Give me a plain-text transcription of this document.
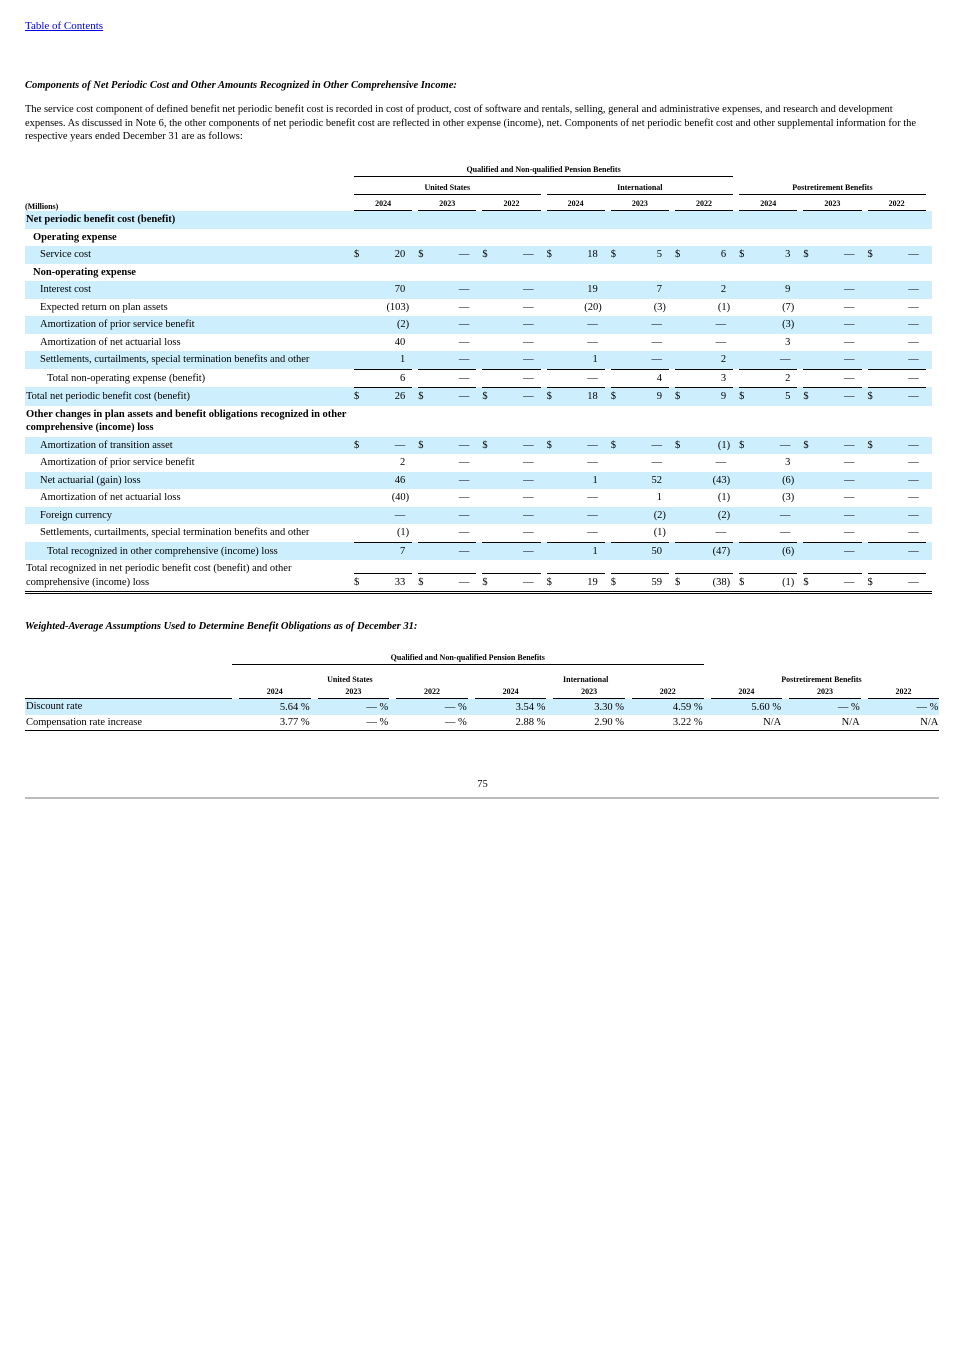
Table of Contents
Components of Net Periodic Cost and Other Amounts Recognized in Other Comprehensive Income:
The service cost component of defined benefit net periodic benefit cost is recorded in cost of product, cost of software and rentals, selling, general and administrative expenses, and research and development expenses. As discussed in Note 6, the other components of net periodic benefit cost are reflected in other expense (income), net. Components of net periodic benefit cost and other supplemental information for the respective years ended December 31 are as follows:
Qualified and Non-qualified Pension Benefits
United States	International	Postretirement Benefits
(Millions)	2024	2023	2022	2024	2023	2022	2024	2023	2022
Net periodic benefit cost (benefit)
Operating expense
Service cost	$	20	$	—	$	—	$	18	$	5	$	6	$	3	$	—	$	—
Non-operating expense
Interest cost	70	—	—	19	7	2	9	—	—
Expected return on plan assets	(103)	—	—	(20)	(3)	(1)	(7)	—	—
Amortization of prior service benefit	(2)	—	—	—	—	—	(3)	—	—
Amortization of net actuarial loss	40	—	—	—	—	—	3	—	—
Settlements, curtailments, special termination benefits and other	1	—	—	1	—	2	—	—	—
Total non-operating expense (benefit)	6	—	—	—	4	3	2	—	—
Total net periodic benefit cost (benefit)	$	26	$	—	$	—	$	18	$	9	$	9	$	5	$	—	$	—
Other changes in plan assets and benefit obligations recognized in other comprehensive (income) loss
Amortization of transition asset	$	—	$	—	$	—	$	—	$	—	$	(1) $	—	$	—	$	—
Amortization of prior service benefit	2	—	—	—	—	—	3	—	—
Net actuarial (gain) loss	46	—	—	1	52	(43)	(6)	—	—
Amortization of net actuarial loss	(40)	—	—	—	1	(1)	(3)	—	—
Foreign currency	—	—	—	—	(2)	(2)	—	—	—
Settlements, curtailments, special termination benefits and other	(1)	—	—	—	(1)	—	—	—	—
Total recognized in other comprehensive (income) loss	7	—	—	1	50	(47)	(6)	—	—
Total recognized in net periodic benefit cost (benefit) and other comprehensive (income) loss	$	33	$	—	$	—	$	19	$	59	$	(38) $	(1) $	—	$	—
Weighted-Average Assumptions Used to Determine Benefit Obligations as of December 31:
Qualified and Non-qualified Pension Benefits
United States	International	Postretirement Benefits
2024	2023	2022	2024	2023	2022	2024	2023	2022
Discount rate	5.64 %	— %	— %	3.54 %	3.30 %	4.59 %	5.60 %	— %	— %
Compensation rate increase	3.77 %	— %	— %	2.88 %	2.90 %	3.22 %	N/A	N/A	N/A
75
